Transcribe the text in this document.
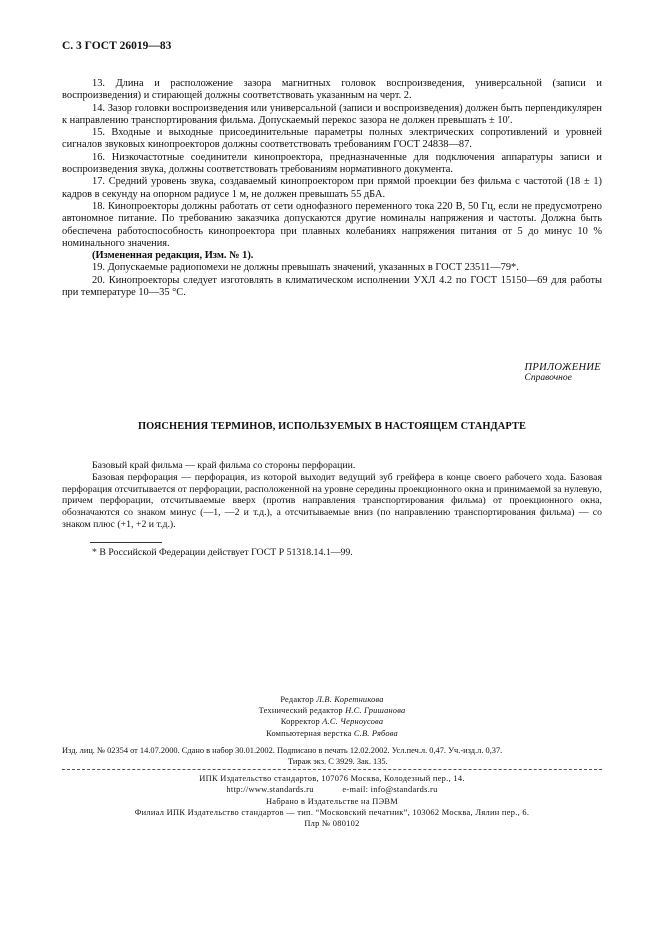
С. 3 ГОСТ 26019—83

13. Длина и расположение зазора магнитных головок воспроизведения, универсальной (записи и воспроизведения) и стирающей должны соответствовать указанным на черт. 2.

14. Зазор головки воспроизведения или универсальной (записи и воспроизведения) должен быть перпендикулярен к направлению транспортирования фильма. Допускаемый перекос зазора не должен превышать ± 10′.

15. Входные и выходные присоединительные параметры полных электрических сопротивлений и уровней сигналов звуковых кинопроекторов должны соответствовать требованиям ГОСТ 24838—87.

16. Низкочастотные соединители кинопроектора, предназначенные для подключения аппаратуры записи и воспроизведения звука, должны соответствовать требованиям нормативного документа.

17. Средний уровень звука, создаваемый кинопроектором при прямой проекции без фильма с частотой (18 ± 1) кадров в секунду на опорном радиусе 1 м, не должен превышать 55 дБА.

18. Кинопроекторы должны работать от сети однофазного переменного тока 220 В, 50 Гц, если не предусмотрено автономное питание. По требованию заказчика допускаются другие номиналы напряжения и частоты. Должна быть обеспечена работоспособность кинопроектора при плавных колебаниях напряжения питания от 5 до минус 10 % номинального значения.

(Измененная редакция, Изм. № 1).

19. Допускаемые радиопомехи не должны превышать значений, указанных в ГОСТ 23511—79*.

20. Кинопроекторы следует изготовлять в климатическом исполнении УХЛ 4.2 по ГОСТ 15150—69 для работы при температуре 10—35 °С.

ПРИЛОЖЕНИЕ
Справочное
ПОЯСНЕНИЯ ТЕРМИНОВ, ИСПОЛЬЗУЕМЫХ В НАСТОЯЩЕМ СТАНДАРТЕ

Базовый край фильма — край фильма со стороны перфорации.

Базовая перфорация — перфорация, из которой выходит ведущий зуб грейфера в конце своего рабочего хода. Базовая перфорация отсчитывается от перфорации, расположенной на уровне середины проекционного окна и принимаемой за нулевую, причем перфорации, отсчитываемые вверх (против направления транспортирования фильма) от проекционного окна, обозначаются со знаком минус (—1, —2 и т.д.), а отсчитываемые вниз (по направлению транспортирования фильма) — со знаком плюс (+1, +2 и т.д.).

* В Российской Федерации действует ГОСТ Р 51318.14.1—99.
Редактор Л.В. Коретникова
Технический редактор Н.С. Гришанова
Корректор А.С. Черноусова
Компьютерная верстка С.В. Рябова
Изд. лиц. № 02354 от 14.07.2000. Сдано в набор 30.01.2002. Подписано в печать 12.02.2002. Усл.печ.л. 0,47. Уч.-изд.л. 0,37.
Тираж экз. С 3929. Зак. 135.
ИПК Издательство стандартов, 107076 Москва, Колодезный пер., 14.
http://www.standards.ru            e-mail: info@standards.ru
Набрано в Издательстве на ПЭВМ
Филиал ИПК Издательство стандартов — тип. “Московский печатник”, 103062 Москва, Лялин пер., 6.
Плр № 080102
